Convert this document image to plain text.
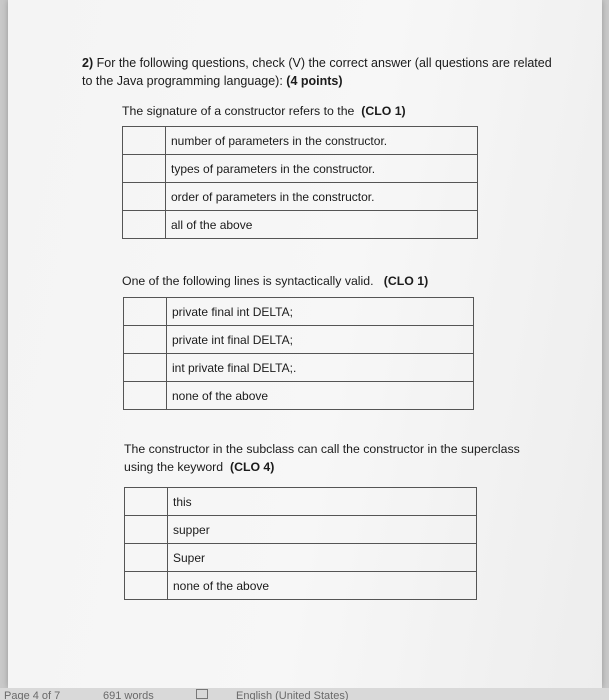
2) For the following questions, check (V) the correct answer (all questions are related to the Java programming language): (4 points)
The signature of a constructor refers to the (CLO 1)
	number of parameters in the constructor.
	types of parameters in the constructor.
	order of parameters in the constructor.
	all of the above
One of the following lines is syntactically valid. (CLO 1)
	private final int DELTA;
	private int final DELTA;
	int private final DELTA;.
	none of the above
The constructor in the subclass can call the constructor in the superclass using the keyword (CLO 4)
	this
	supper
	Super
	none of the above
Page 4 of 7	691 words	English (United States)
